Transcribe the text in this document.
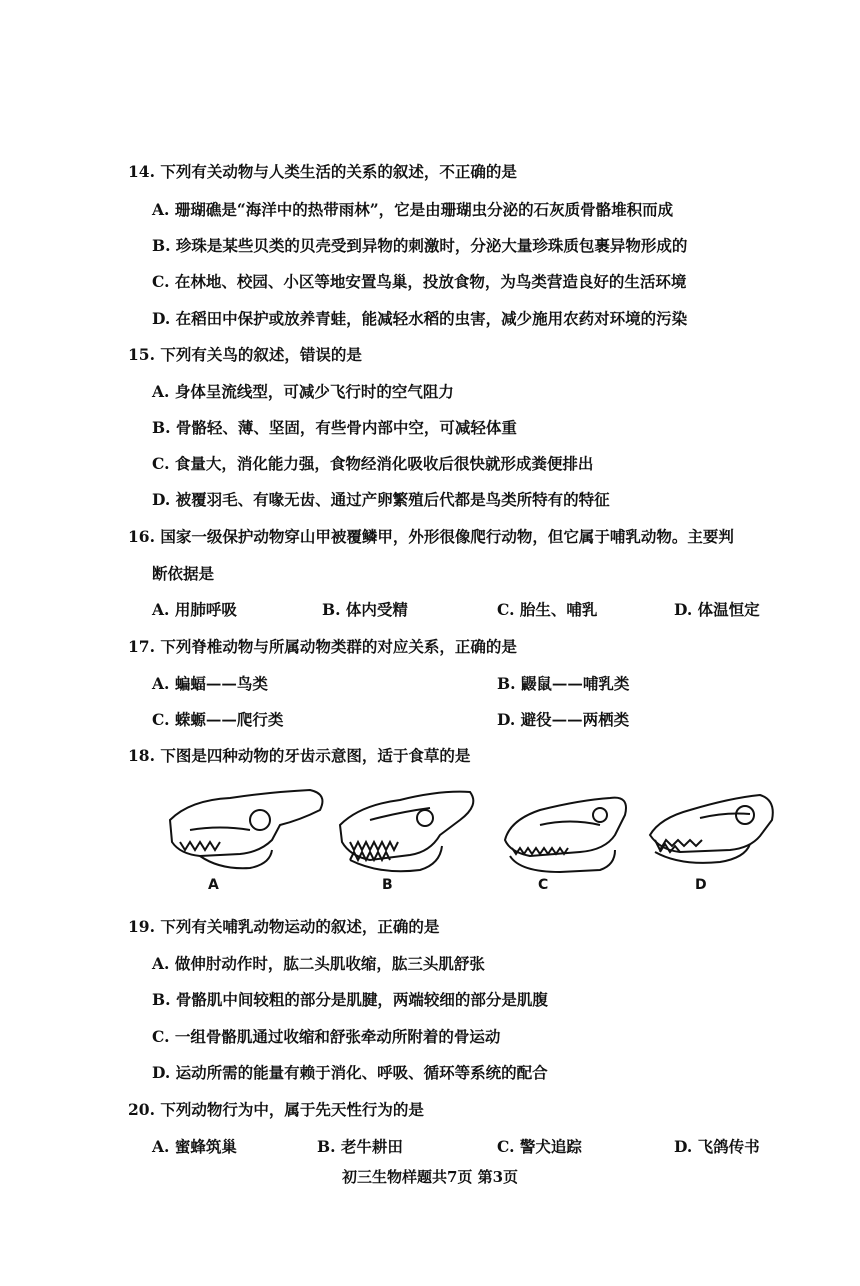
14. 下列有关动物与人类生活的关系的叙述，不正确的是
A. 珊瑚礁是“海洋中的热带雨林”，它是由珊瑚虫分泌的石灰质骨骼堆积而成
B. 珍珠是某些贝类的贝壳受到异物的刺激时，分泌大量珍珠质包裹异物形成的
C. 在林地、校园、小区等地安置鸟巢，投放食物，为鸟类营造良好的生活环境
D. 在稻田中保护或放养青蛙，能减轻水稻的虫害，减少施用农药对环境的污染
15. 下列有关鸟的叙述，错误的是
A. 身体呈流线型，可减少飞行时的空气阻力
B. 骨骼轻、薄、坚固，有些骨内部中空，可减轻体重
C. 食量大，消化能力强，食物经消化吸收后很快就形成粪便排出
D. 被覆羽毛、有喙无齿、通过产卵繁殖后代都是鸟类所特有的特征
16. 国家一级保护动物穿山甲被覆鳞甲，外形很像爬行动物，但它属于哺乳动物。主要判
断依据是
A. 用肺呼吸	B. 体内受精	C. 胎生、哺乳	D. 体温恒定
17. 下列脊椎动物与所属动物类群的对应关系，正确的是
A. 蝙蝠——鸟类	B. 鼹鼠——哺乳类
C. 蝾螈——爬行类	D. 避役——两栖类
18. 下图是四种动物的牙齿示意图，适于食草的是
A	B	C	D
19. 下列有关哺乳动物运动的叙述，正确的是
A. 做伸肘动作时，肱二头肌收缩，肱三头肌舒张
B. 骨骼肌中间较粗的部分是肌腱，两端较细的部分是肌腹
C. 一组骨骼肌通过收缩和舒张牵动所附着的骨运动
D. 运动所需的能量有赖于消化、呼吸、循环等系统的配合
20. 下列动物行为中，属于先天性行为的是
A. 蜜蜂筑巢	B. 老牛耕田	C. 警犬追踪	D. 飞鸽传书
初三生物样题共7页 第3页
